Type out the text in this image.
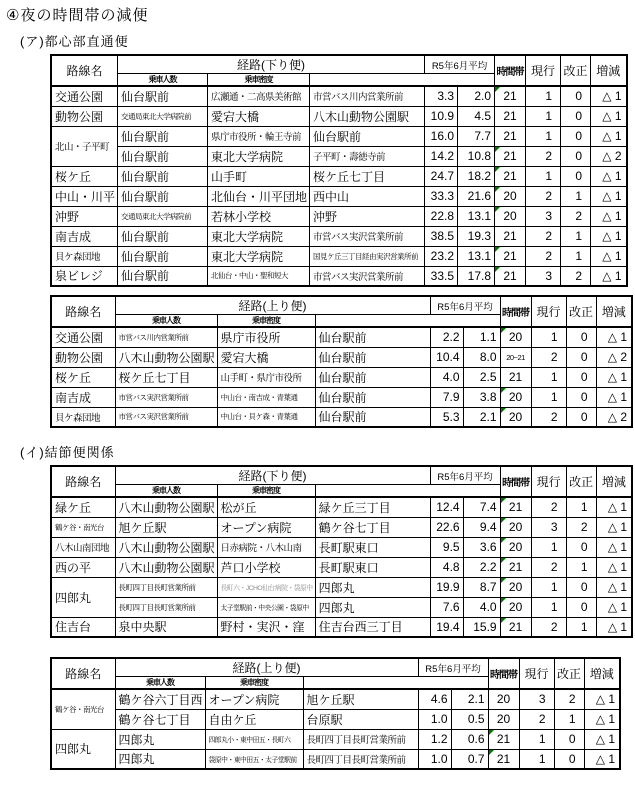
④夜の時間帯の減便
(ア)都心部直通便
路線名	経路(下り便)			R5年6月平均		時間帯	現行	改正	増減
	乗車人数	乗車密度							
交通公園	仙台駅前	広瀬通・二高県美術館	市営バス川内営業所前	3.3	2.0	21	1	0	△ 1
動物公園	交通局東北大学病院前	愛宕大橋	八木山動物公園駅	10.9	4.5	21	1	0	△ 1
北山・子平町	仙台駅前	県庁市役所・輪王寺前	仙台駅前	16.0	7.7	21	1	0	△ 1
	仙台駅前	東北大学病院	子平町・壽徳寺前	14.2	10.8	21	2	0	△ 2
桜ケ丘	仙台駅前	山手町	桜ケ丘七丁目	24.7	18.2	21	1	0	△ 1
中山・川平	仙台駅前	北仙台・川平団地	西中山	33.3	21.6	20	2	1	△ 1
沖野	交通局東北大学病院前	若林小学校	沖野	22.8	13.1	20	3	2	△ 1
南吉成	仙台駅前	東北大学病院	市営バス実沢営業所前	38.5	19.3	21	2	1	△ 1
貝ケ森団地	仙台駅前	東北大学病院	国見ケ丘三丁目経由実沢営業所前	23.2	13.1	21	2	1	△ 1
泉ビレジ	仙台駅前	北仙台・中山・聖和短大	市営バス実沢営業所前	33.5	17.8	21	3	2	△ 1
路線名	経路(上り便)			R5年6月平均		時間帯	現行	改正	増減
	乗車人数	乗車密度							
交通公園	市営バス川内営業所前	県庁市役所	仙台駅前	2.2	1.1	20	1	0	△ 1
動物公園	八木山動物公園駅	愛宕大橋	仙台駅前	10.4	8.0	20~21	2	0	△ 2
桜ケ丘	桜ケ丘七丁目	山手町・県庁市役所	仙台駅前	4.0	2.5	21	1	0	△ 1
南吉成	市営バス実沢営業所前	中山台・南吉成・青葉通	仙台駅前	7.9	3.8	20	1	0	△ 1
貝ケ森団地	市営バス実沢営業所前	中山台・貝ケ森・青葉通	仙台駅前	5.3	2.1	20	2	0	△ 2
(イ)結節便関係
路線名	経路(下り便)			R5年6月平均		時間帯	現行	改正	増減
	乗車人数	乗車密度							
緑ケ丘	八木山動物公園駅	松が丘	緑ケ丘三丁目	12.4	7.4	21	2	1	△ 1
鶴ケ谷・南光台	旭ケ丘駅	オープン病院	鶴ケ谷七丁目	22.6	9.4	20	3	2	△ 1
八木山南団地	八木山動物公園駅	日赤病院・八木山南	長町駅東口	9.5	3.6	20	1	0	△ 1
西の平	八木山動物公園駅	芦口小学校	長町駅東口	4.8	2.2	21	2	1	△ 1
四郎丸	長町四丁目長町営業所前	長町六・JCHO仙台病院・袋原中	四郎丸	19.9	8.7	20	1	0	△ 1
	長町四丁目長町営業所前	太子堂駅前・中央公園・袋原中	四郎丸	7.6	4.0	20	1	0	△ 1
住吉台	泉中央駅	野村・実沢・窪	住吉台西三丁目	19.4	15.9	21	2	1	△ 1
路線名	経路(上り便)			R5年6月平均		時間帯	現行	改正	増減
	乗車人数	乗車密度							
鶴ケ谷・南光台	鶴ケ谷六丁目西	オープン病院	旭ケ丘駅	4.6	2.1	20	3	2	△ 1
	鶴ケ谷七丁目	自由ケ丘	台原駅	1.0	0.5	20	2	1	△ 1
四郎丸	四郎丸	四郎丸小・東中田五・長町六	長町四丁目長町営業所前	1.2	0.6	21	1	0	△ 1
	四郎丸	袋原中・東中田五・太子堂駅前	長町四丁目長町営業所前	1.0	0.7	21	1	0	△ 1
